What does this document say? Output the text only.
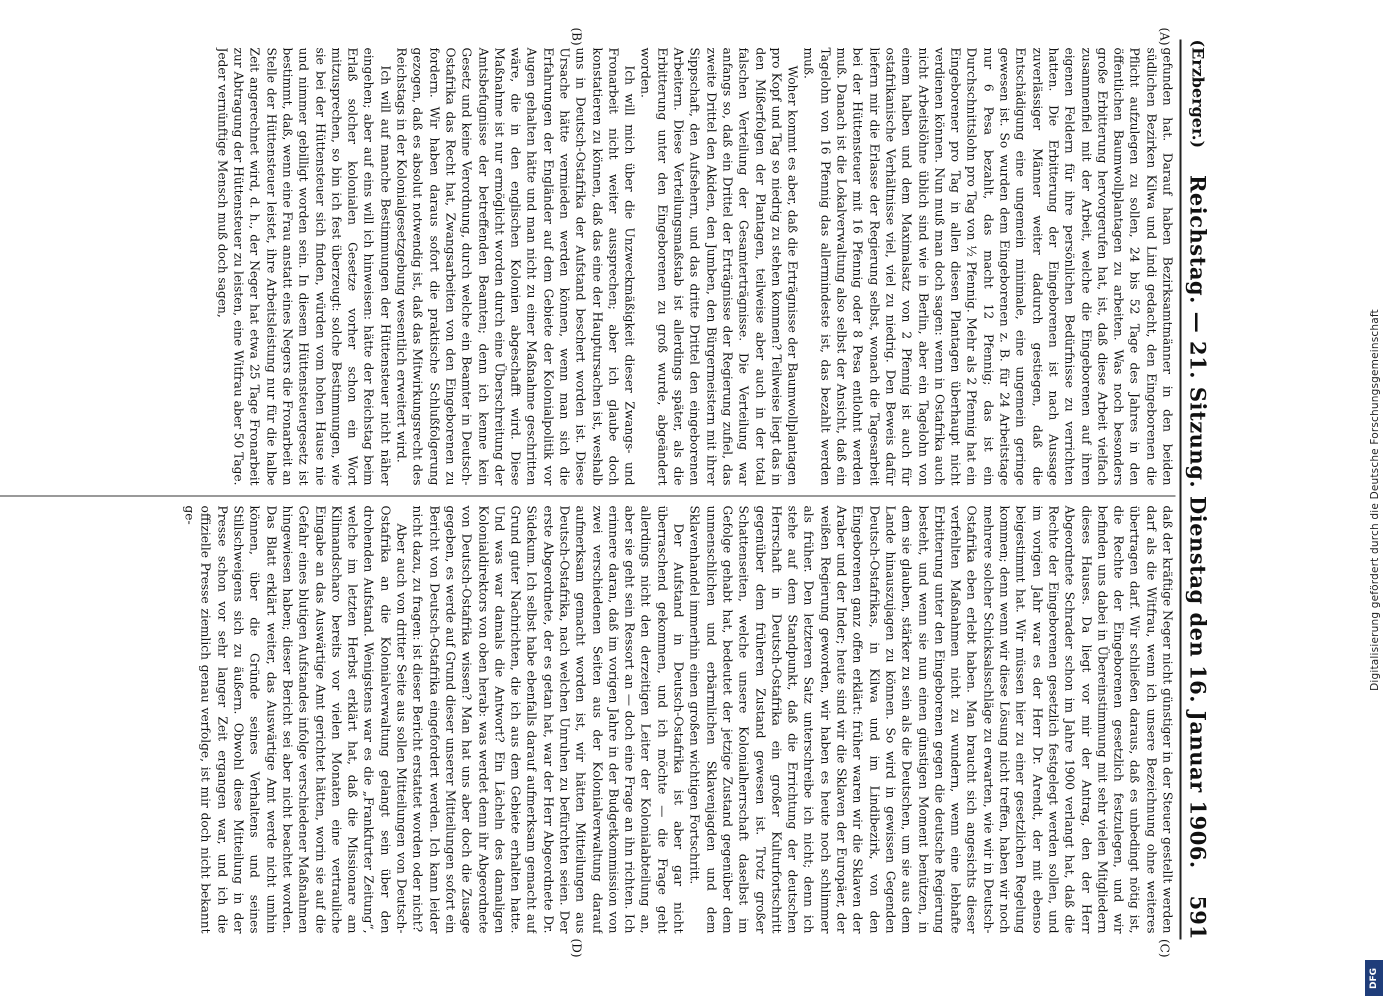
(Erzberger.)
Reichstag. — 21. Sitzung. Dienstag den 16. Januar 1906.
591
(A)
(B)
(C)
(D)

gefunden hat. Darauf haben Bezirksamtmänner in den beiden südlichen Bezirken Kilwa und Lindi gedacht, den Eingeborenen die Pflicht aufzulegen zu sollen, 24 bis 52 Tage des Jahres in den öffentlichen Baumwollplantagen zu arbeiten. Was noch besonders große Erbitterung hervorgerufen hat, ist, daß diese Arbeit vielfach zusammenfiel mit der Arbeit, welche die Eingeborenen auf ihren eigenen Feldern für ihre persönlichen Bedürfnisse zu verrichten hatten. Die Erbitterung der Eingeborenen ist nach Aussage zuverlässiger Männer weiter dadurch gestiegen, daß die Entschädigung eine ungemein minimale, eine ungemein geringe gewesen ist. So wurden dem Eingeborenen z. B. für 24 Arbeitstage nur 6 Pesa bezahlt, das macht 12 Pfennig; das ist ein Durchschnittslohn pro Tag von ½ Pfennig. Mehr als 2 Pfennig hat ein Eingeborener pro Tag in allen diesen Plantagen überhaupt nicht verdienen können. Nun muß man doch sagen: wenn in Ostafrika auch nicht Arbeitslöhne üblich sind wie in Berlin, aber ein Tagelohn von einem halben und dem Maximalsatz von 2 Pfennig ist auch für ostafrikanische Verhältnisse viel, viel zu niedrig. Den Beweis dafür liefern mir die Erlasse der Regierung selbst, wonach die Tagesarbeit bei der Hüttensteuer mit 16 Pfennig oder 8 Pesa entlohnt werden muß. Danach ist die Lokalverwaltung also selbst der Ansicht, daß ein Tagelohn von 16 Pfennig das allermindeste ist, das bezahlt werden muß.

Woher kommt es aber, daß die Erträgnisse der Baumwollplantagen pro Kopf und Tag so niedrig zu stehen kommen? Teilweise liegt das in den Mißerfolgen der Plantagen, teilweise aber auch in der total falschen Verteilung der Gesamterträgnisse. Die Verteilung war anfangs so, daß ein Drittel der Erträgnisse der Regierung zufiel, das zweite Drittel den Akiden, den Jumben, den Bürgermeistern mit ihrer Sippschaft, den Aufsehern, und das dritte Drittel den eingeborenen Arbeitern. Diese Verteilungsmaßstab ist allerdings später, als die Erbitterung unter den Eingeborenen zu groß wurde, abgeändert worden.

Ich will mich über die Unzweckmäßigkeit dieser Zwangs- und Fronarbeit nicht weiter aussprechen; aber ich glaube doch konstatieren zu können, daß das eine der Hauptursachen ist, weshalb uns in Deutsch-Ostafrika der Aufstand beschert worden ist. Diese Ursache hätte vermieden werden können, wenn man sich die Erfahrungen der Engländer auf dem Gebiete der Kolonialpolitik vor Augen gehalten hätte und man nicht zu einer Maßnahme geschritten wäre, die in den englischen Kolonien abgeschafft wird. Diese Maßnahme ist nur ermöglicht worden durch eine Überschreitung der Amtsbefugnisse der betreffenden Beamten; denn ich kenne kein Gesetz und keine Verordnung, durch welche ein Beamter in Deutsch-Ostafrika das Recht hat, Zwangsarbeiten von den Eingeborenen zu fordern. Wir haben daraus sofort die praktische Schlußfolgerung gezogen, daß es absolut notwendig ist, daß das Mitwirkungsrecht des Reichstags in der Kolonialgesetzgebung wesentlich erweitert wird.

Ich will auf manche Bestimmungen der Hüttensteuer nicht näher eingehen; aber auf eins will ich hinweisen: hätte der Reichstag beim Erlaß solcher kolonialen Gesetze vorher schon ein Wort mitzusprechen, so bin ich fest überzeugt: solche Bestimmungen, wie sie bei der Hüttensteuer sich finden, würden vom hohen Hause nie und nimmer gebilligt worden sein. In diesem Hüttensteuergesetz ist bestimmt, daß, wenn eine Frau anstatt eines Negers die Fronarbeit an Stelle der Hüttensteuer leistet, ihre Arbeitsleistung nur für die halbe Zeit angerechnet wird, d. h., der Neger hat etwa 25 Tage Fronarbeit zur Abtragung der Hüttensteuer zu leisten, eine Witfrau aber 50 Tage. Jeder vernünftige Mensch muß doch sagen,

daß der kräftige Neger nicht günstiger in der Steuer gestellt werden darf als die Witfrau, wenn ich unsere Bezeichnung ohne weiteres übertragen darf. Wir schließen daraus, daß es unbedingt nötig ist, die Rechte der Eingeborenen gesetzlich festzulegen, und wir befinden uns dabei in Übereinstimmung mit sehr vielen Mitgliedern dieses Hauses. Da liegt vor mir der Antrag, den der Herr Abgeordnete Schrader schon im Jahre 1900 verlangt hat, daß die Rechte der Eingeborenen gesetzlich festgelegt werden sollen, und im vorigen Jahr war es der Herr Dr. Arendt, der mit ebenso beigestimmt hat. Wir müssen hier zu einer gesetzlichen Regelung kommen; denn wenn wir diese Lösung nicht treffen, haben wir noch mehrere solcher Schicksalsschläge zu erwarten, wie wir in Deutsch-Ostafrika eben erlebt haben. Man braucht sich angesichts dieser verfehlten Maßnahmen nicht zu wundern, wenn eine lebhafte Erbitterung unter den Eingeborenen gegen die deutsche Regierung besteht, und wenn sie nun einen günstigen Moment benützen, in dem sie glauben, stärker zu sein als die Deutschen, um sie aus dem Lande hinauszujagen zu können. So wird in gewissen Gegenden Deutsch-Ostafrikas, in Kilwa und im Lindibezirk, von den Eingeborenen ganz offen erklärt: früher waren wir die Sklaven der Araber und der Inder; heute sind wir die Sklaven der Europäer, der weißen Regierung geworden, wir haben es heute noch schlimmer als früher. Den letzteren Satz unterschreibe ich nicht; denn ich stehe auf dem Standpunkt, daß die Errichtung der deutschen Herrschaft in Deutsch-Ostafrika ein großer Kulturfortschritt gegenüber dem früheren Zustand gewesen ist. Trotz großer Schattenseiten, welche unsere Kolonialherrschaft daselbst im Gefolge gehabt hat, bedeutet der jetzige Zustand gegenüber dem unmenschlichen und erbärmlichen Sklavenjagden und dem Sklavenhandel immerhin einen großen wichtigen Fortschritt.

Der Aufstand in Deutsch-Ostafrika ist aber gar nicht überraschend gekommen, und ich möchte — die Frage geht allerdings nicht den derzeitigen Leiter der Kolonialabteilung an, aber sie geht sein Ressort an — doch eine Frage an ihn richten. Ich erinnere daran, daß im vorigen Jahre in der Budgetkommission von zwei verschiedenen Seiten aus der Kolonialverwaltung darauf aufmerksam gemacht worden ist, wir hätten Mitteilungen aus Deutsch-Ostafrika, nach welchen Unruhen zu befürchten seien. Der erste Abgeordnete, der es getan hat, war der Herr Abgeordnete Dr. Südekum. Ich selbst habe ebenfalls darauf aufmerksam gemacht auf Grund guter Nachrichten, die ich aus dem Gebiete erhalten hatte. Und was war damals die Antwort? Ein Lächeln des damaligen Kolonialdirektors von oben herab: was werdet denn ihr Abgeordnete von Deutsch-Ostafrika wissen? Man hat uns aber doch die Zusage gegeben, es werde auf Grund dieser unserer Mitteilungen sofort ein Bericht von Deutsch-Ostafrika eingefordert werden. Ich kann leider nicht dazu, zu fragen: ist dieser Bericht erstattet worden oder nicht?

Aber auch von dritter Seite aus sollen Mitteilungen von Deutsch-Ostafrika an die Kolonialverwaltung gelangt sein über den drohenden Aufstand. Wenigstens war es die „Frankfurter Zeitung“, welche im letzten Herbst erklärt hat, daß die Missionare am Kilimandscharo bereits vor vielen Monaten eine vertrauliche Eingabe an das Auswärtige Amt gerichtet hätten, worin sie auf die Gefahr eines blutigen Aufstandes infolge verschiedener Maßnahmen hingewiesen haben; dieser Bericht sei aber nicht beachtet worden. Das Blatt erklärt weiter, das Auswärtige Amt werde nicht umhin können, über die Gründe seines Verhaltens und seines Stillschweigens sich zu äußern. Obwohl diese Mitteilung in der Presse schon vor sehr langer Zeit ergangen war, und ich die offizielle Presse ziemlich genau verfolge, ist mir doch nicht bekannt ge-	Digitalisierung gefördert durch die Deutsche Forschungsgemeinschaft
DFG
